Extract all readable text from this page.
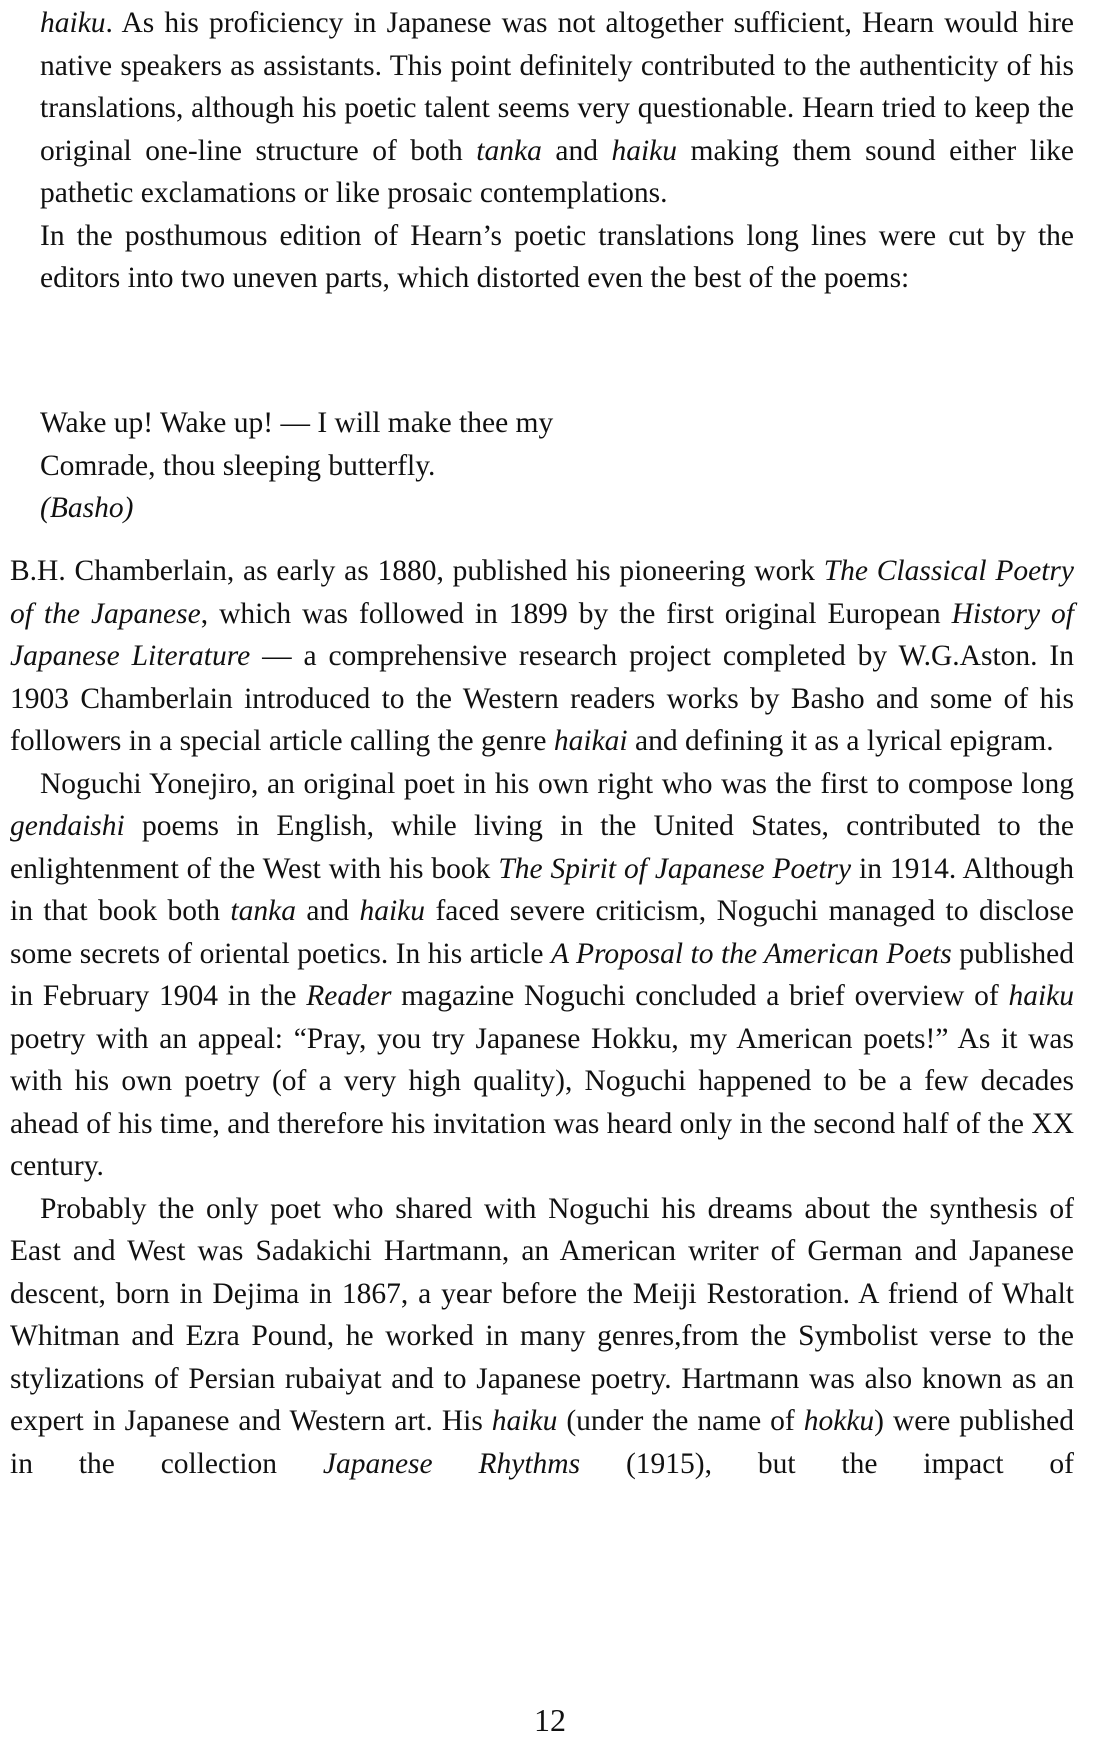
haiku. As his proficiency in Japanese was not altogether sufficient, Hearn would hire native speakers as assistants. This point definitely contributed to the authenticity of his translations, although his poetic talent seems very questionable. Hearn tried to keep the original one-line structure of both tanka and haiku making them sound either like pathetic exclamations or like prosaic contemplations.

In the posthumous edition of Hearn’s poetic translations long lines were cut by the editors into two uneven parts, which distorted even the best of the poems:

Wake up! Wake up! — I will make thee my
Comrade, thou sleeping butterfly.
(Basho)

B.H. Chamberlain, as early as 1880, published his pioneering work The Classical Poetry of the Japanese, which was followed in 1899 by the first original European History of Japanese Literature — a comprehensive research project completed by W.G.Aston. In 1903 Chamberlain introduced to the Western readers works by Basho and some of his followers in a special article calling the genre haikai and defining it as a lyrical epigram.

Noguchi Yonejiro, an original poet in his own right who was the first to compose long gendaishi poems in English, while living in the United States, contributed to the enlightenment of the West with his book The Spirit of Japanese Poetry in 1914. Although in that book both tanka and haiku faced severe criticism, Noguchi managed to disclose some secrets of oriental poetics. In his article A Proposal to the American Poets published in February 1904 in the Reader magazine Noguchi concluded a brief overview of haiku poetry with an appeal: “Pray, you try Japanese Hokku, my American poets!” As it was with his own poetry (of a very high quality), Noguchi happened to be a few decades ahead of his time, and therefore his invitation was heard only in the second half of the XX century.

Probably the only poet who shared with Noguchi his dreams about the synthesis of East and West was Sadakichi Hartmann, an American writer of German and Japanese descent, born in Dejima in 1867, a year before the Meiji Restoration. A friend of Whalt Whitman and Ezra Pound, he worked in many genres,from the Symbolist verse to the stylizations of Persian rubaiyat and to Japanese poetry. Hartmann was also known as an expert in Japanese and Western art. His haiku (under the name of hokku) were published in the collection Japanese Rhythms (1915), but the impact of

12
